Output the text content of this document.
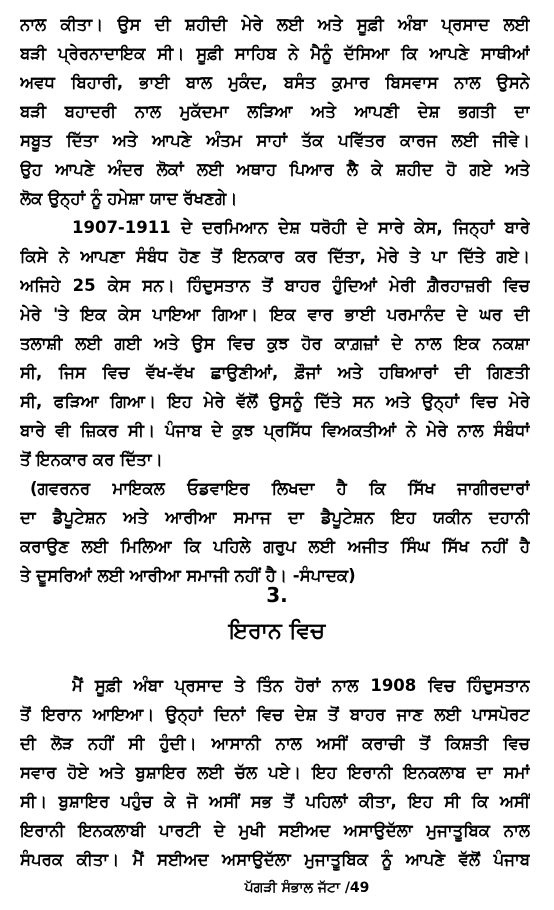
ਨਾਲ ਕੀਤਾ। ਉਸ ਦੀ ਸ਼ਹੀਦੀ ਮੇਰੇ ਲਈ ਅਤੇ ਸੂਫ਼ੀ ਅੰਬਾ ਪ੍ਰਸਾਦ ਲਈ
ਬੜੀ ਪ੍ਰੇਰਨਾਦਾਇਕ ਸੀ। ਸੂਫ਼ੀ ਸਾਹਿਬ ਨੇ ਮੈਨੂੰ ਦੱਸਿਆ ਕਿ ਆਪਣੇ ਸਾਥੀਆਂ
ਅਵਧ ਬਿਹਾਰੀ, ਭਾਈ ਬਾਲ ਮੁਕੰਦ, ਬਸੰਤ ਕੁਮਾਰ ਬਿਸਵਾਸ ਨਾਲ ਉਸਨੇ
ਬੜੀ ਬਹਾਦਰੀ ਨਾਲ ਮੁਕੱਦਮਾ ਲੜਿਆ ਅਤੇ ਆਪਣੀ ਦੇਸ਼ ਭਗਤੀ ਦਾ
ਸਬੂਤ ਦਿੱਤਾ ਅਤੇ ਆਪਣੇ ਅੰਤਮ ਸਾਹਾਂ ਤੱਕ ਪਵਿੱਤਰ ਕਾਰਜ ਲਈ ਜੀਵੇ।
ਉਹ ਆਪਣੇ ਅੰਦਰ ਲੋਕਾਂ ਲਈ ਅਥਾਹ ਪਿਆਰ ਲੈ ਕੇ ਸ਼ਹੀਦ ਹੋ ਗਏ ਅਤੇ
ਲੋਕ ਉਨ੍ਹਾਂ ਨੂੰ ਹਮੇਸ਼ਾ ਯਾਦ ਰੱਖਣਗੇ।
1907-1911 ਦੇ ਦਰਮਿਆਨ ਦੇਸ਼ ਧਰੋਹੀ ਦੇ ਸਾਰੇ ਕੇਸ, ਜਿਨ੍ਹਾਂ ਬਾਰੇ
ਕਿਸੇ ਨੇ ਆਪਣਾ ਸੰਬੰਧ ਹੋਣ ਤੋਂ ਇਨਕਾਰ ਕਰ ਦਿੱਤਾ, ਮੇਰੇ ਤੇ ਪਾ ਦਿੱਤੇ ਗਏ।
ਅਜਿਹੇ 25 ਕੇਸ ਸਨ। ਹਿੰਦੁਸਤਾਨ ਤੋਂ ਬਾਹਰ ਹੁੰਦਿਆਂ ਮੇਰੀ ਗ਼ੈਰਹਾਜ਼ਰੀ ਵਿਚ
ਮੇਰੇ 'ਤੇ ਇਕ ਕੇਸ ਪਾਇਆ ਗਿਆ। ਇਕ ਵਾਰ ਭਾਈ ਪਰਮਾਨੰਦ ਦੇ ਘਰ ਦੀ
ਤਲਾਸ਼ੀ ਲਈ ਗਈ ਅਤੇ ਉਸ ਵਿਚ ਕੁਝ ਹੋਰ ਕਾਗ਼ਜ਼ਾਂ ਦੇ ਨਾਲ ਇਕ ਨਕਸ਼ਾ
ਸੀ, ਜਿਸ ਵਿਚ ਵੱਖ-ਵੱਖ ਛਾਉਣੀਆਂ, ਫ਼ੌਜਾਂ ਅਤੇ ਹਥਿਆਰਾਂ ਦੀ ਗਿਣਤੀ
ਸੀ, ਫੜਿਆ ਗਿਆ। ਇਹ ਮੇਰੇ ਵੱਲੋਂ ਉਸਨੂੰ ਦਿੱਤੇ ਸਨ ਅਤੇ ਉਨ੍ਹਾਂ ਵਿਚ ਮੇਰੇ
ਬਾਰੇ ਵੀ ਜ਼ਿਕਰ ਸੀ। ਪੰਜਾਬ ਦੇ ਕੁਝ ਪ੍ਰਸਿੱਧ ਵਿਅਕਤੀਆਂ ਨੇ ਮੇਰੇ ਨਾਲ ਸੰਬੰਧਾਂ
ਤੋਂ ਇਨਕਾਰ ਕਰ ਦਿੱਤਾ।
(ਗਵਰਨਰ ਮਾਇਕਲ ਓਡਵਾਇਰ ਲਿਖਦਾ ਹੈ ਕਿ ਸਿੱਖ ਜਾਗੀਰਦਾਰਾਂ
ਦਾ ਡੈਪੂਟੇਸ਼ਨ ਅਤੇ ਆਰੀਆ ਸਮਾਜ ਦਾ ਡੈਪੂਟੇਸ਼ਨ ਇਹ ਯਕੀਨ ਦਹਾਨੀ
ਕਰਾਉਣ ਲਈ ਮਿਲਿਆ ਕਿ ਪਹਿਲੇ ਗਰੁਪ ਲਈ ਅਜੀਤ ਸਿੰਘ ਸਿੱਖ ਨਹੀਂ ਹੈ
ਤੇ ਦੂਸਰਿਆਂ ਲਈ ਆਰੀਆ ਸਮਾਜੀ ਨਹੀਂ ਹੈ। -ਸੰਪਾਦਕ)
3.
ਇਰਾਨ ਵਿਚ
ਮੈਂ ਸੂਫ਼ੀ ਅੰਬਾ ਪ੍ਰਸਾਦ ਤੇ ਤਿੰਨ ਹੋਰਾਂ ਨਾਲ 1908 ਵਿਚ ਹਿੰਦੁਸਤਾਨ
ਤੋਂ ਇਰਾਨ ਆਇਆ। ਉਨ੍ਹਾਂ ਦਿਨਾਂ ਵਿਚ ਦੇਸ਼ ਤੋਂ ਬਾਹਰ ਜਾਣ ਲਈ ਪਾਸਪੋਰਟ
ਦੀ ਲੋੜ ਨਹੀਂ ਸੀ ਹੁੰਦੀ। ਆਸਾਨੀ ਨਾਲ ਅਸੀਂ ਕਰਾਚੀ ਤੋਂ ਕਿਸ਼ਤੀ ਵਿਚ
ਸਵਾਰ ਹੋਏ ਅਤੇ ਬੁਸ਼ਾਇਰ ਲਈ ਚੱਲ ਪਏ। ਇਹ ਇਰਾਨੀ ਇਨਕਲਾਬ ਦਾ ਸਮਾਂ
ਸੀ। ਬੁਸ਼ਾਇਰ ਪਹੁੰਚ ਕੇ ਜੋ ਅਸੀਂ ਸਭ ਤੋਂ ਪਹਿਲਾਂ ਕੀਤਾ, ਇਹ ਸੀ ਕਿ ਅਸੀਂ
ਇਰਾਨੀ ਇਨਕਲਾਬੀ ਪਾਰਟੀ ਦੇ ਮੁਖੀ ਸਈਅਦ ਅਸਾਉਦੱਲਾ ਮੁਜਾਤੂਬਿਕ ਨਾਲ
ਪੱਗੜੀ ਸੰਭਾਲ ਜੱਟਾ /49
ਸੰਪਰਕ ਕੀਤਾ। ਮੈਂ ਸਈਅਦ ਅਸਾਉਦੱਲਾ ਮੁਜਾਤੂਬਿਕ ਨੂੰ ਆਪਣੇ ਵੱਲੋਂ ਪੰਜਾਬ
